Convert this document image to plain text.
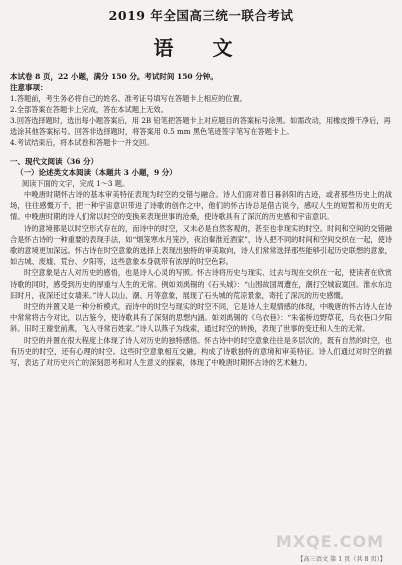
2019 年全国高三统一联合考试
语 文
本试卷 8 页，22 小题，满分 150 分。考试时间 150 分钟。
注意事项：

1.答题前，考生务必将自己的姓名、准考证号填写在答题卡上相应的位置。

2.全部答案在答题卡上完成，答在本试题上无效。

3.回答选择题时，选出每小题答案后，用 2B 铅笔把答题卡上对应题目的答案标号涂黑。如需改动，用橡皮擦干净后，再选涂其他答案标号。回答非选择题时，将答案用 0.5 mm 黑色笔迹签字笔写在答题卡上。

4.考试结束后，将本试卷和答题卡一并交回。

一、现代文阅读（36 分）
（一）论述类文本阅读（本题共 3 小题，9 分）
阅读下面的文字，完成 1～3 题。

中晚唐时期怀古诗的基本审美特征表现为时空的交错与融合。诗人们面对着日暮斜阳的古迹，或者那些历史上的战场，往往感慨万千，把一种宇宙意识带进了诗歌的创作之中，他们的怀古诗总是借古说今，感叹人生的短暂和历史的无情。中晚唐时期的诗人们常以时空的变换来表现世事的沧桑，使诗歌具有了深沉的历史感和宇宙意识。

诗的意境都是以时空形式存在的，而诗中的时空，又未必是自然客观的，甚至也非现实的时空。时间和空间的交错融合是怀古诗的一种重要的表现手法，如“烟笼寒水月笼沙，夜泊秦淮近酒家”，诗人把不同的时间和空间交织在一起，使诗歌的意境更加深远。怀古诗在时空意象的选择上表现出独特的审美取向，诗人们常常选择那些能够引起历史联想的意象，如古城、废墟、荒台、夕阳等，这些意象本身就带有浓厚的时空色彩。

时空意象是古人对历史的感悟，也是诗人心灵的写照。怀古诗将历史与现实、过去与现在交织在一起，使读者在欣赏诗歌的同时，感受到历史的厚重与人生的无常。例如刘禹锡的《石头城》：“山围故国周遭在，潮打空城寂寞回。淮水东边旧时月，夜深还过女墙来。”诗人以山、潮、月等意象，展现了石头城的荒凉景象，寄托了深沉的历史感慨。

时空的并置又是一种分析模式，而诗中的时空与现实的时空不同，它是诗人主观情感的体现，中晚唐的怀古诗人在诗中常常将古今对比，以古鉴今，使诗歌具有了深刻的思想内涵。如刘禹锡的《乌衣巷》：“朱雀桥边野草花，乌衣巷口夕阳斜。旧时王谢堂前燕，飞入寻常百姓家。”诗人以燕子为线索，通过时空的转换，表现了世事的变迁和人生的无常。

时空的并置在很大程度上体现了诗人对历史的独特感悟。怀古诗中的时空意象往往是多层次的，既有自然的时空，也有历史的时空，还有心理的时空。这些时空意象相互交融，构成了诗歌独特的意境和审美特征。诗人们通过对时空的描写，表达了对历史兴亡的深刻思考和对人生意义的探索，体现了中晚唐时期怀古诗的艺术魅力。

MXQE.COM
【高三语文 第 1 页（共 8 页）】
